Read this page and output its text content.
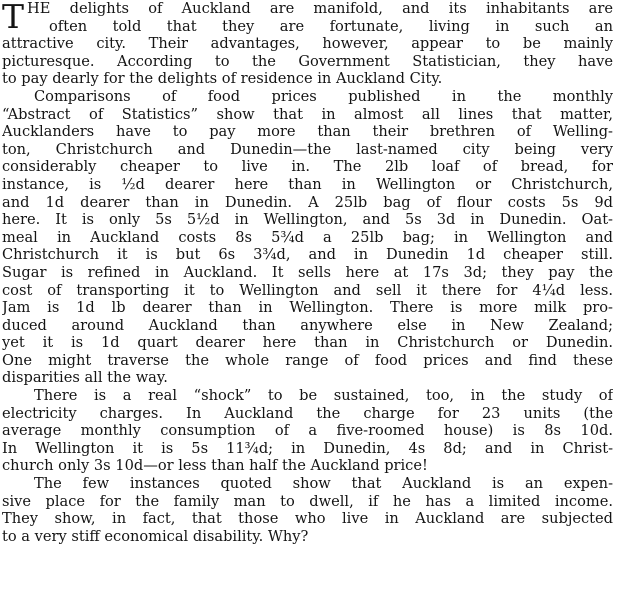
T HE delights of Auckland are manifold, and its inhabitants are
often told that they are fortunate, living in such an
attractive city. Their advantages, however, appear to be mainly
picturesque. According to the Government Statistician, they have
to pay dearly for the delights of residence in Auckland City.
Comparisons of food prices published in the monthly
“Abstract of Statistics” show that in almost all lines that matter,
Aucklanders have to pay more than their brethren of Welling-
ton, Christchurch and Dunedin—the last-named city being very
considerably cheaper to live in. The 2lb loaf of bread, for
instance, is ½d dearer here than in Wellington or Christchurch,
and 1d dearer than in Dunedin. A 25lb bag of flour costs 5s 9d
here. It is only 5s 5½d in Wellington, and 5s 3d in Dunedin. Oat-
meal in Auckland costs 8s 5¾d a 25lb bag; in Wellington and
Christchurch it is but 6s 3¾d, and in Dunedin 1d cheaper still.
Sugar is refined in Auckland. It sells here at 17s 3d; they pay the
cost of transporting it to Wellington and sell it there for 4¼d less.
Jam is 1d lb dearer than in Wellington. There is more milk pro-
duced around Auckland than anywhere else in New Zealand;
yet it is 1d quart dearer here than in Christchurch or Dunedin.
One might traverse the whole range of food prices and find these
disparities all the way.
There is a real “shock” to be sustained, too, in the study of
electricity charges. In Auckland the charge for 23 units (the
average monthly consumption of a five-roomed house) is 8s 10d.
In Wellington it is 5s 11¾d; in Dunedin, 4s 8d; and in Christ-
church only 3s 10d—or less than half the Auckland price!
The few instances quoted show that Auckland is an expen-
sive place for the family man to dwell, if he has a limited income.
They show, in fact, that those who live in Auckland are subjected
to a very stiff economical disability. Why?
